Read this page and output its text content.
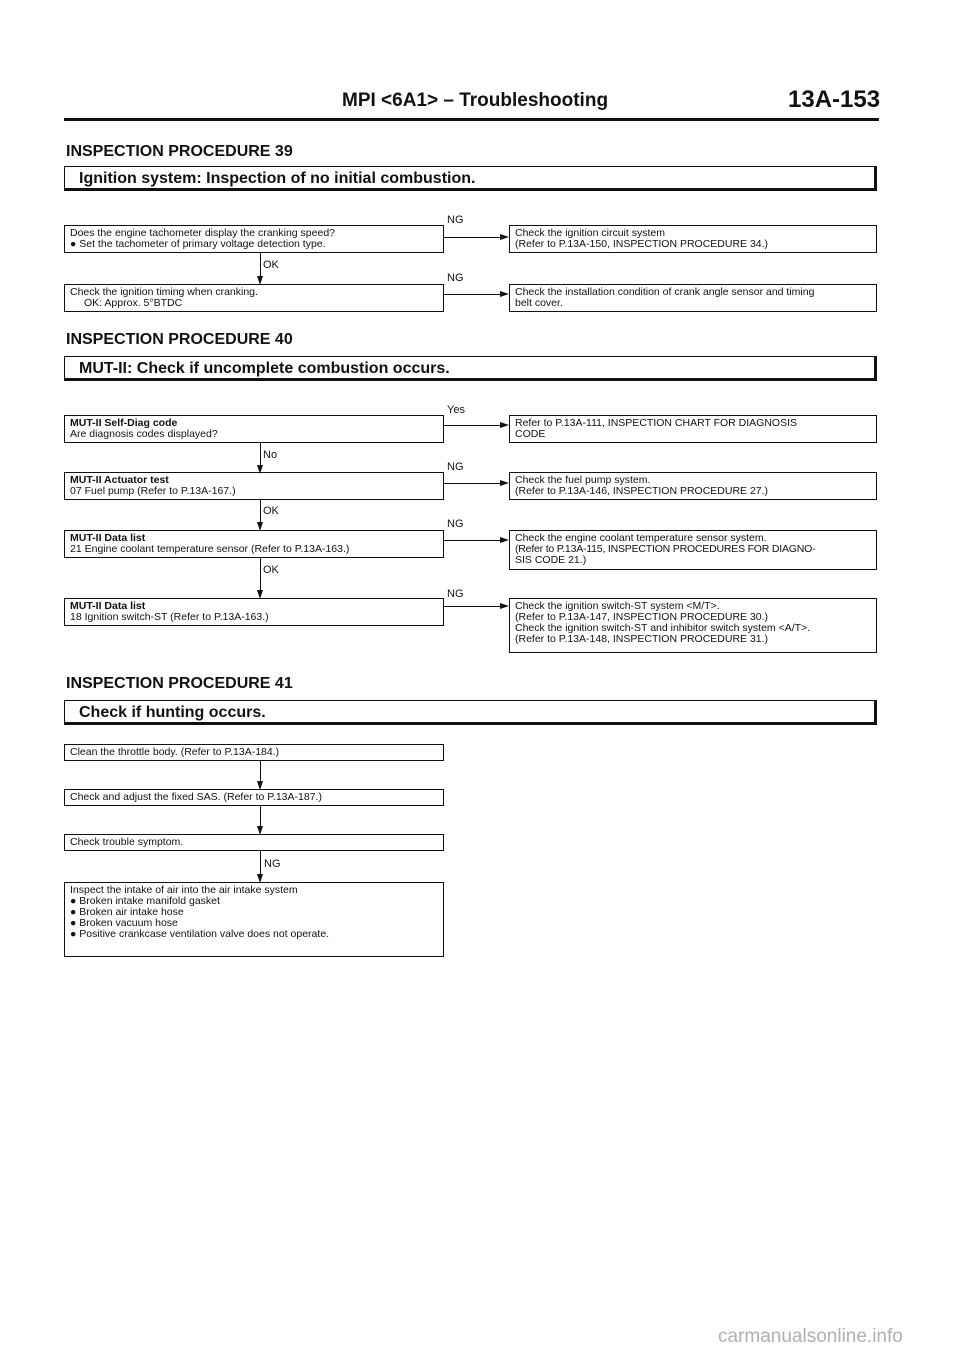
MPI <6A1> – Troubleshooting	13A-153
INSPECTION PROCEDURE 39
Ignition system: Inspection of no initial combustion.
Does the engine tachometer display the cranking speed?
● Set the tachometer of primary voltage detection type.
NG
Check the ignition circuit system
(Refer to P.13A-150, INSPECTION PROCEDURE 34.)
OK
Check the ignition timing when cranking.
OK: Approx. 5°BTDC
NG
Check the installation condition of crank angle sensor and timing
belt cover.
INSPECTION PROCEDURE 40
MUT-II: Check if uncomplete combustion occurs.
MUT-II Self-Diag code
Are diagnosis codes displayed?
Yes
Refer to P.13A-111, INSPECTION CHART FOR DIAGNOSIS
CODE
No
MUT-II Actuator test
07 Fuel pump (Refer to P.13A-167.)
NG
Check the fuel pump system.
(Refer to P.13A-146, INSPECTION PROCEDURE 27.)
OK
MUT-II Data list
21 Engine coolant temperature sensor (Refer to P.13A-163.)
NG
Check the engine coolant temperature sensor system.
(Refer to P.13A-115, INSPECTION PROCEDURES FOR DIAGNO-
SIS CODE 21.)
OK
MUT-II Data list
18 Ignition switch-ST (Refer to P.13A-163.)
NG
Check the ignition switch-ST system <M/T>.
(Refer to P.13A-147, INSPECTION PROCEDURE 30.)
Check the ignition switch-ST and inhibitor switch system <A/T>.
(Refer to P.13A-148, INSPECTION PROCEDURE 31.)
INSPECTION PROCEDURE 41
Check if hunting occurs.
Clean the throttle body. (Refer to P.13A-184.)
Check and adjust the fixed SAS. (Refer to P.13A-187.)
Check trouble symptom.
NG
Inspect the intake of air into the air intake system
● Broken intake manifold gasket
● Broken air intake hose
● Broken vacuum hose
● Positive crankcase ventilation valve does not operate.
carmanualsonline.info
